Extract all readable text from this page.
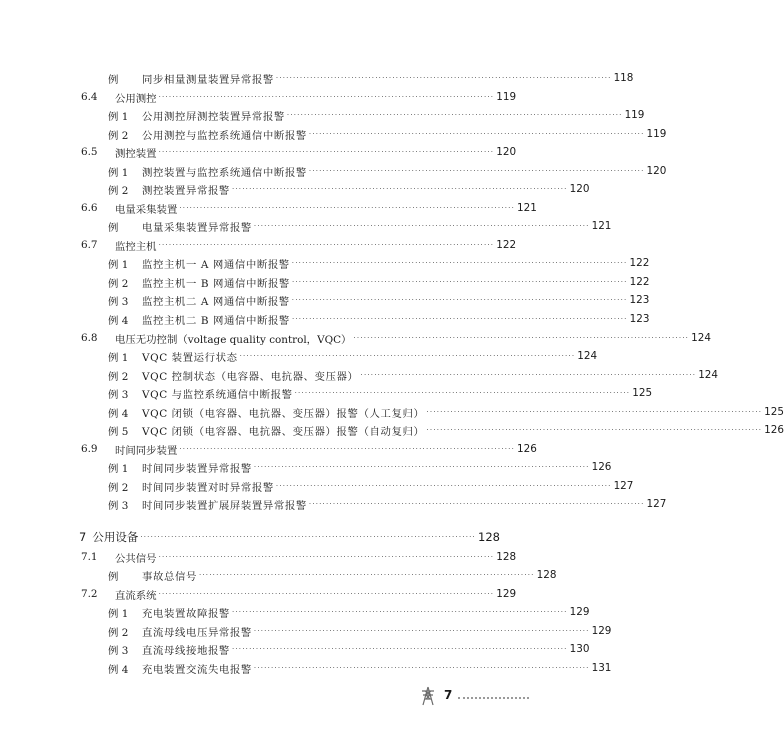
例	同步相量测量装置异常报警 ·································································································· 118
6.4	公用测控 ·································································································· 119
例 1	公用测控屏测控装置异常报警 ·································································································· 119
例 2	公用测控与监控系统通信中断报警 ·································································································· 119
6.5	测控装置 ·································································································· 120
例 1	测控装置与监控系统通信中断报警 ·································································································· 120
例 2	测控装置异常报警 ·································································································· 120
6.6	电量采集装置 ·································································································· 121
例	电量采集装置异常报警 ·································································································· 121
6.7	监控主机 ·································································································· 122
例 1	监控主机一 A 网通信中断报警 ·································································································· 122
例 2	监控主机一 B 网通信中断报警 ·································································································· 122
例 3	监控主机二 A 网通信中断报警 ·································································································· 123
例 4	监控主机二 B 网通信中断报警 ·································································································· 123
6.8	电压无功控制（voltage quality control，VQC） ·································································································· 124
例 1	VQC 装置运行状态 ·································································································· 124
例 2	VQC 控制状态（电容器、电抗器、变压器） ·································································································· 124
例 3	VQC 与监控系统通信中断报警 ·································································································· 125
例 4	VQC 闭锁（电容器、电抗器、变压器）报警（人工复归） ·································································································· 125
例 5	VQC 闭锁（电容器、电抗器、变压器）报警（自动复归） ·································································································· 126
6.9	时间同步装置 ·································································································· 126
例 1	时间同步装置异常报警 ·································································································· 126
例 2	时间同步装置对时异常报警 ·································································································· 127
例 3	时间同步装置扩展屏装置异常报警 ·································································································· 127
7 公用设备 ·································································································· 128
7.1	公共信号 ·································································································· 128
例	事故总信号 ·································································································· 128
7.2	直流系统 ·································································································· 129
例 1	充电装置故障报警 ·································································································· 129
例 2	直流母线电压异常报警 ·································································································· 129
例 3	直流母线接地报警 ·································································································· 130
例 4	充电装置交流失电报警 ·································································································· 131
7
